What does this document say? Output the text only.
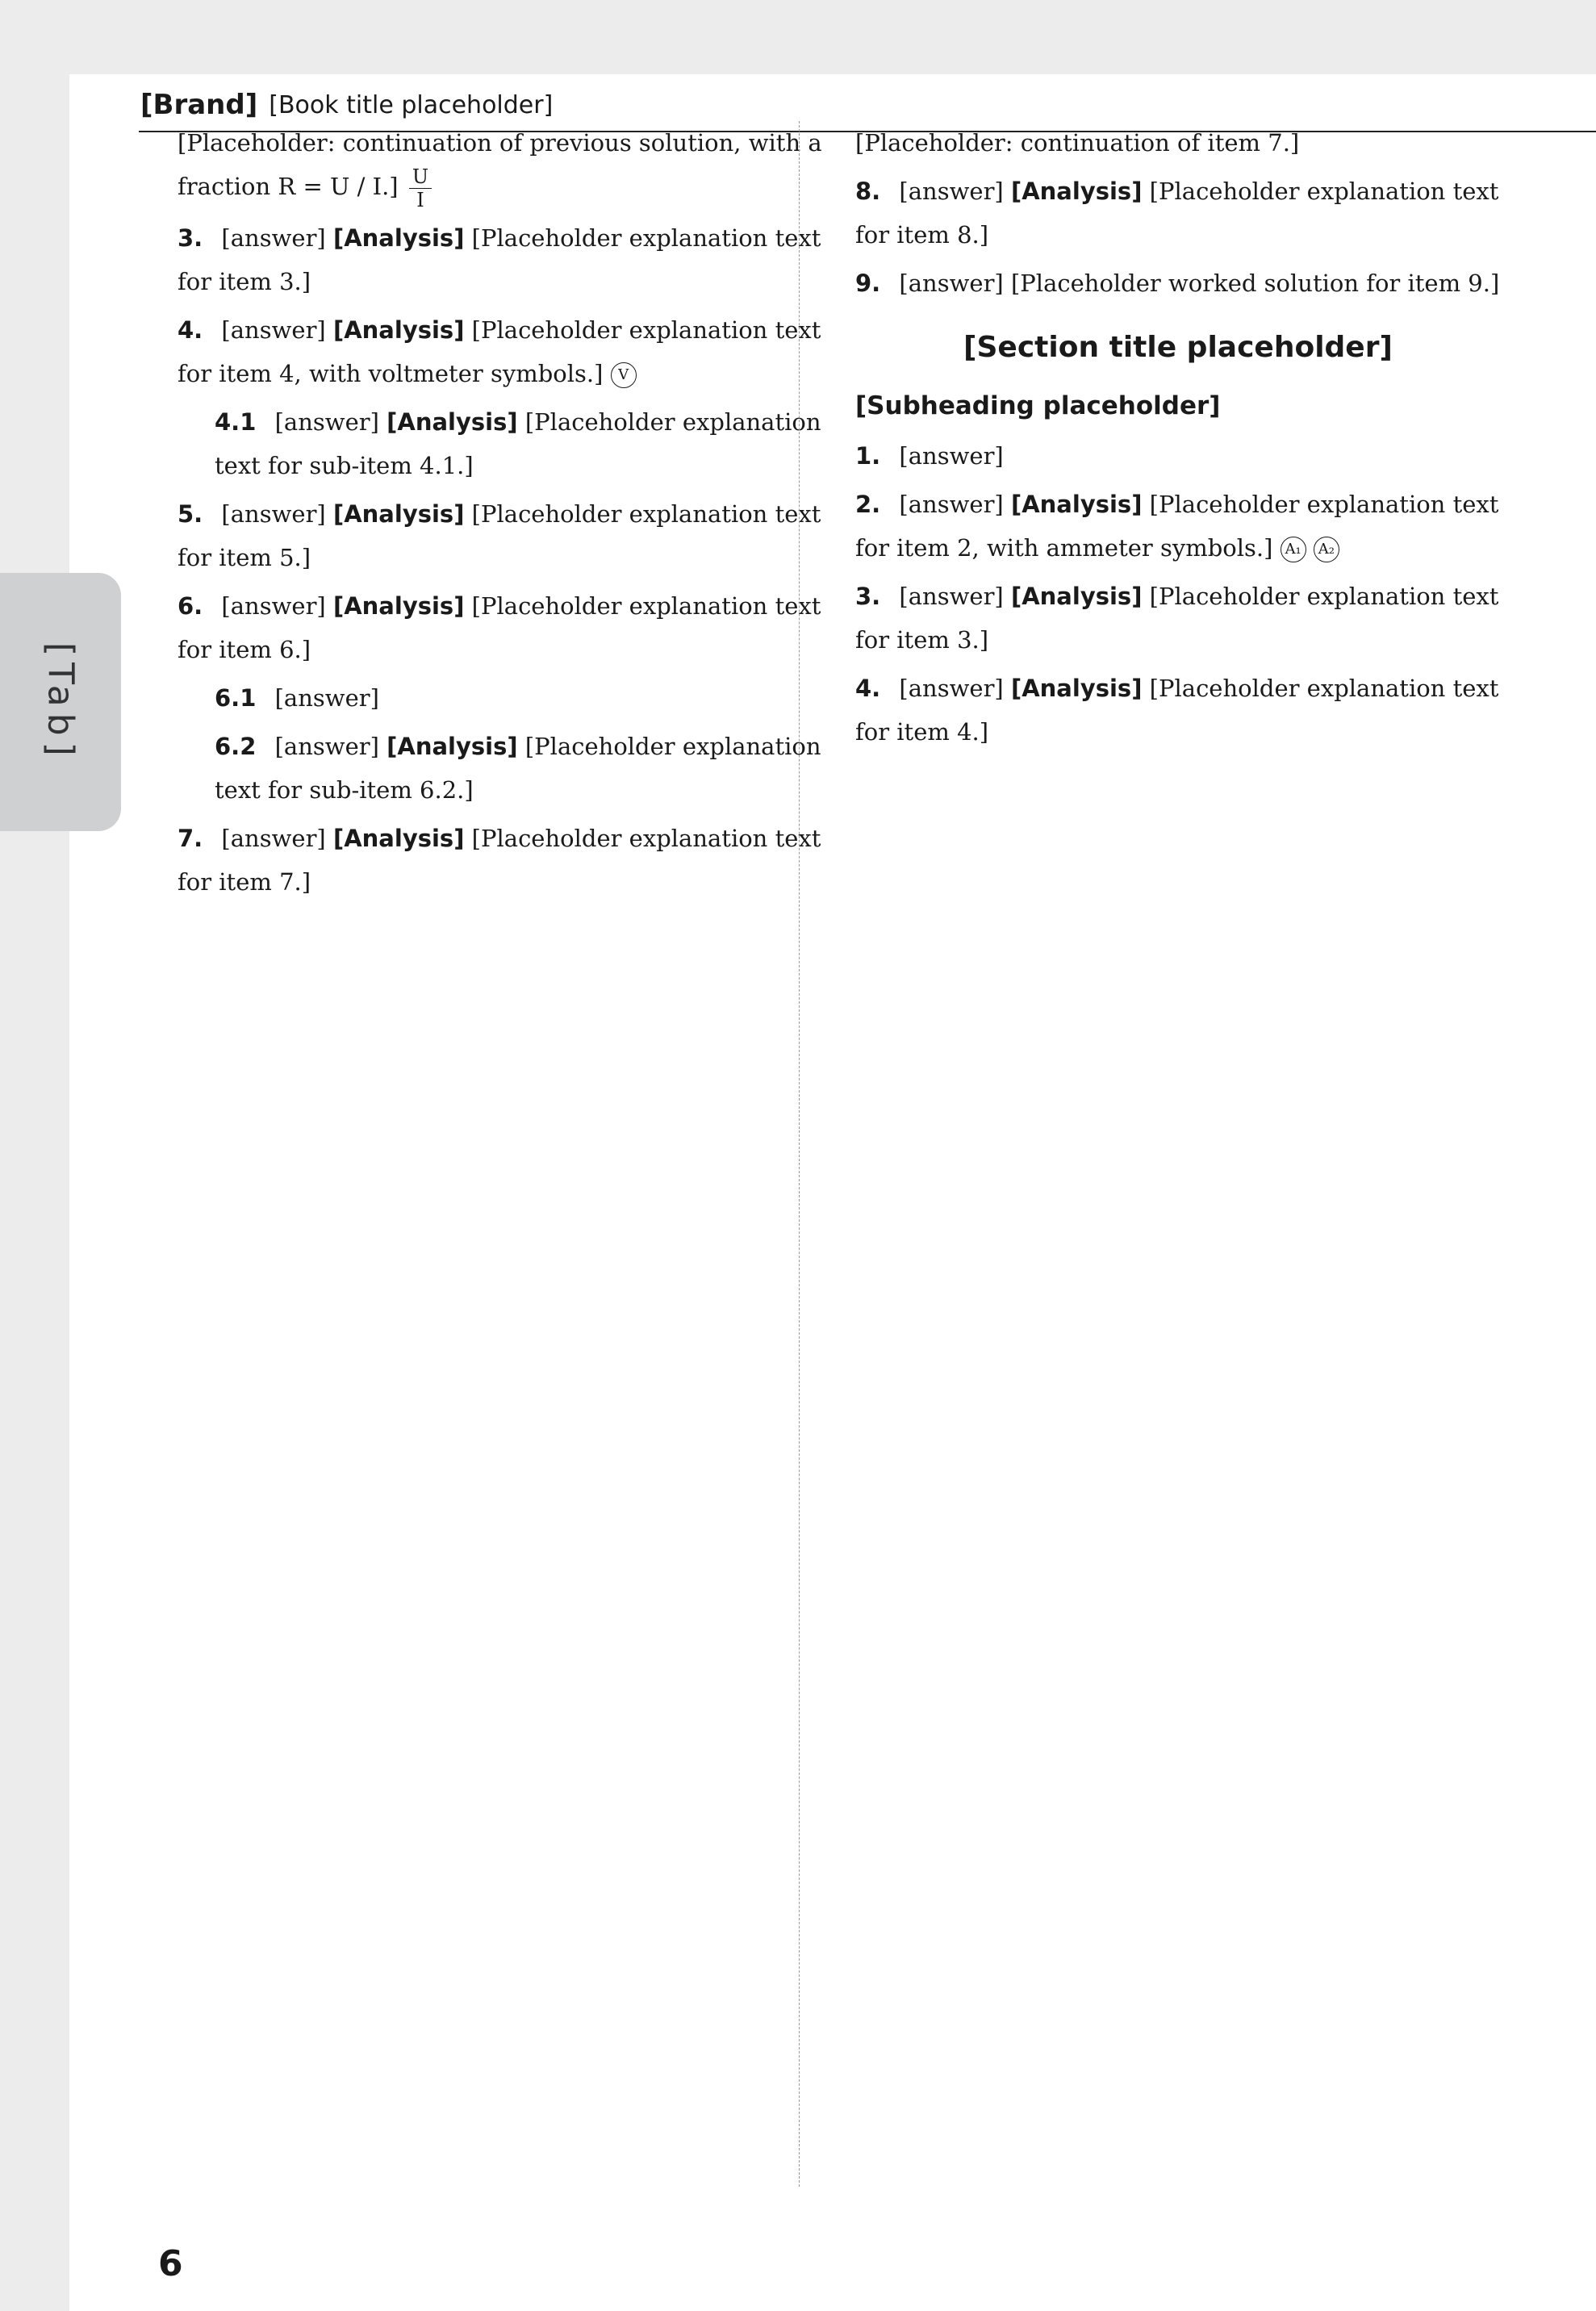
[Brand] [Book title placeholder]
[Tab]
[Placeholder: continuation of previous solution, with a fraction $R = U / I.] \frac{U}{I}$
3. [answer] [Analysis] [Placeholder explanation text for item 3.]
4. [answer] [Analysis] [Placeholder explanation text for item 4, with voltmeter symbols.] V
4.1 [answer] [Analysis] [Placeholder explanation text for sub-item 4.1.]
5. [answer] [Analysis] [Placeholder explanation text for item 5.]
6. [answer] [Analysis] [Placeholder explanation text for item 6.]
6.1 [answer]
6.2 [answer] [Analysis] [Placeholder explanation text for sub-item 6.2.]
7. [answer] [Analysis] [Placeholder explanation text for item 7.]
[Placeholder: continuation of item 7.]
8. [answer] [Analysis] [Placeholder explanation text for item 8.]
9. [answer] [Placeholder worked solution for item 9.]
[Section title placeholder]
[Subheading placeholder]
1. [answer]
2. [answer] [Analysis] [Placeholder explanation text for item 2, with ammeter symbols.] A₁ A₂
3. [answer] [Analysis] [Placeholder explanation text for item 3.]
4. [answer] [Analysis] [Placeholder explanation text for item 4.]
6
